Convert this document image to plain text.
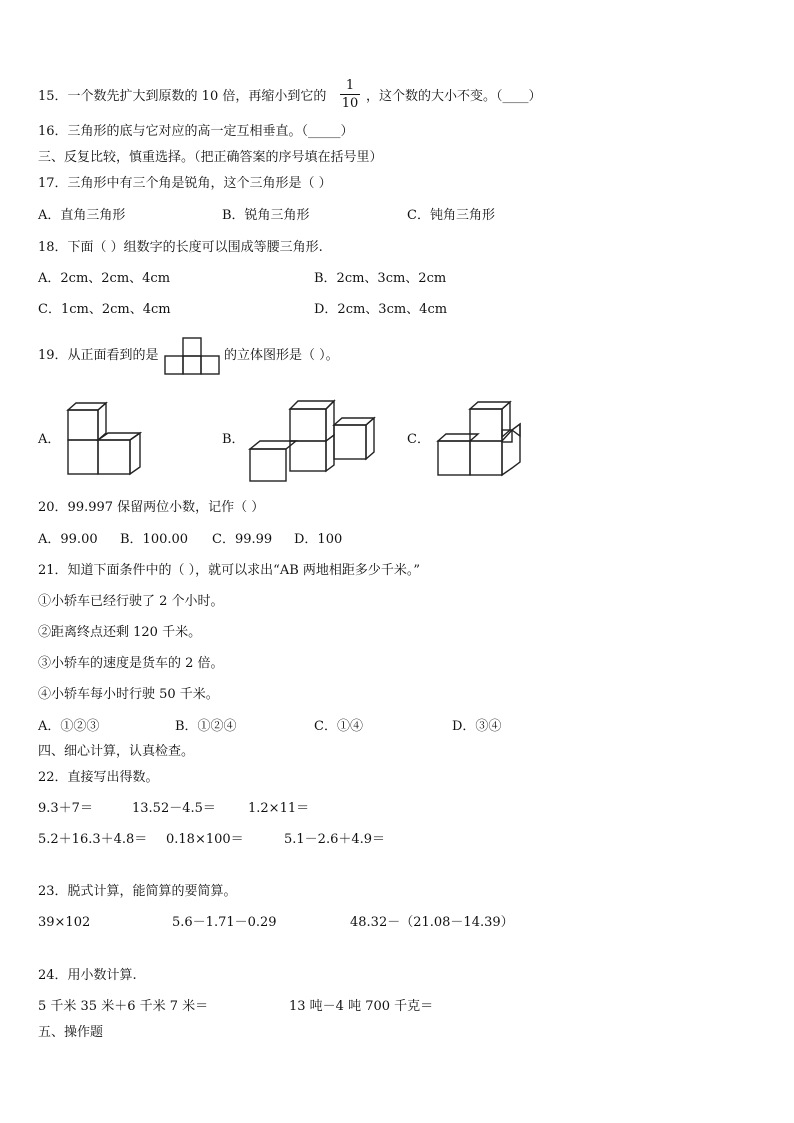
15．一个数先扩大到原数的 10 倍，再缩小到它的
1
10 ，这个数的大小不变。（____）
16．三角形的底与它对应的高一定互相垂直。（_____）
三、反复比较，慎重选择。（把正确答案的序号填在括号里）
17．三角形中有三个角是锐角，这个三角形是（ ）
A．直角三角形	B．锐角三角形	C．钝角三角形
18．下面（ ）组数字的长度可以围成等腰三角形.
A．2cm、2cm、4cm	B．2cm、3cm、2cm
C．1cm、2cm、4cm	D．2cm、3cm、4cm
19．从正面看到的是	的立体图形是（ ）。
A．	B．	C．
20．99.997 保留两位小数，记作（ ）
A．99.00 B．100.00 C．99.99 D．100
21．知道下面条件中的（ ），就可以求出“AB 两地相距多少千米。”
①小轿车已经行驶了 2 个小时。
②距离终点还剩 120 千米。
③小轿车的速度是货车的 2 倍。
④小轿车每小时行驶 50 千米。
A．①②③	B．①②④	C．①④	D．③④
四、细心计算，认真检查。
22．直接写出得数。
9.3＋7＝	13.52－4.5＝ 1.2×11＝
5.2＋16.3＋4.8＝ 0.18×100＝	5.1－2.6＋4.9＝
23．脱式计算，能简算的要简算。
39×102	5.6－1.71－0.29	48.32－（21.08－14.39）
24．用小数计算.
5 千米 35 米＋6 千米 7 米＝	13 吨－4 吨 700 千克＝
五、操作题
